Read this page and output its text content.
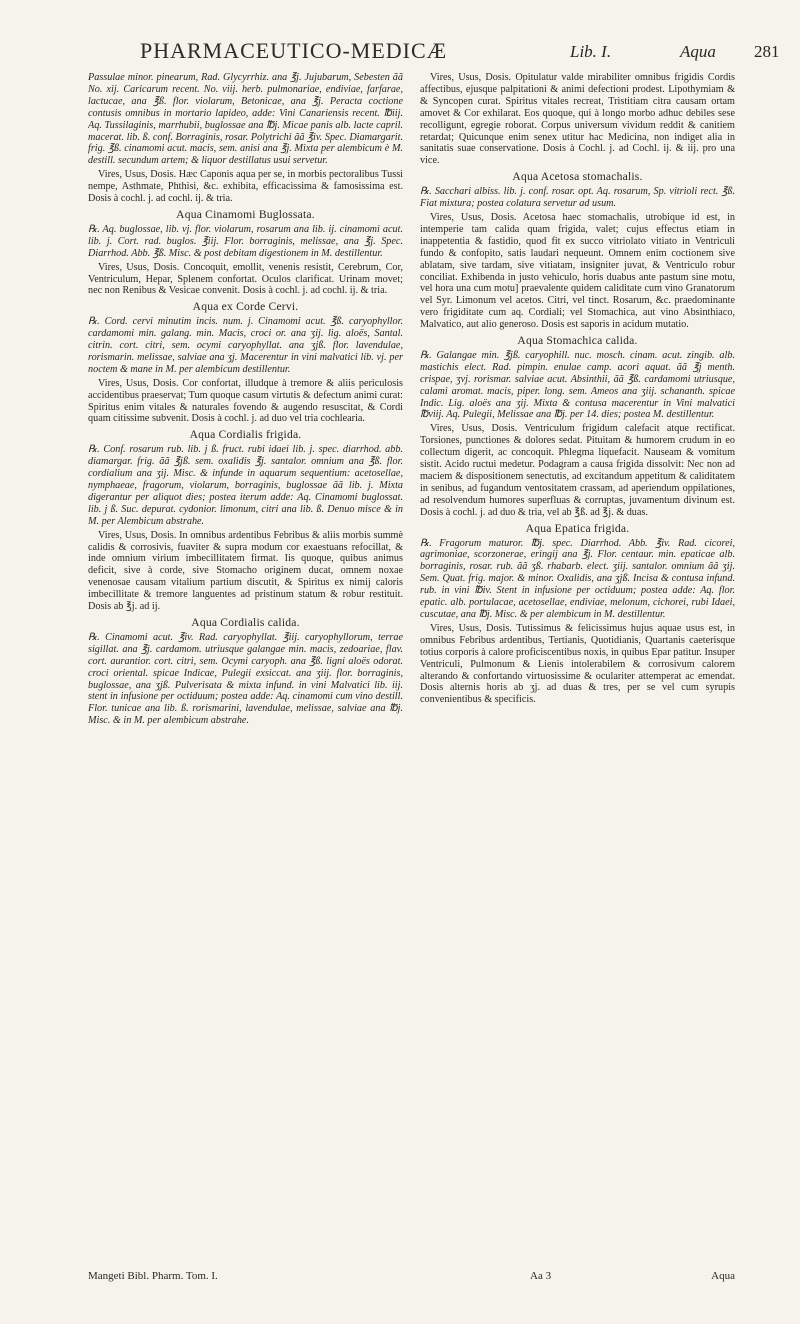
PHARMACEUTICO-MEDICÆ	Lib. I.	Aqua 281

Passulae minor. pinearum, Rad. Glycyrrhiz. ana ℥j. Jujubarum, Sebesten ãã No. xij. Caricarum recent. No. viij. herb. pulmonariae, endiviae, farfarae, lactucae, ana ℥ß. flor. violarum, Betonicae, ana ℥j. Peracta coctione contusis omnibus in mortario lapideo, adde: Vini Canariensis recent. ℔iij. Aq. Tussilaginis, marrhubii, buglossae ana ℔j. Micae panis alb. lacte capril. macerat. lib. ß. conf. Borraginis, rosar. Polytrichi ãã ℥iv. Spec. Diamargarit. frig. ℥ß. cinamomi acut. macis, sem. anisi ana ℥j. Mixta per alembicum è M. destill. secundum artem; & liquor destillatus usui servetur.

Vires, Usus, Dosis. Hæc Caponis aqua per se, in morbis pectoralibus Tussi nempe, Asthmate, Phthisi, &c. exhibita, efficacissima & famosissima est. Dosis à cochl. j. ad cochl. ij. & tria.

Aqua Cinamomi Buglossata.

℞. Aq. buglossae, lib. vj. flor. violarum, rosarum ana lib. ij. cinamomi acut. lib. j. Cort. rad. buglos. ℥iij. Flor. borraginis, melissae, ana ℥j. Spec. Diarrhod. Abb. ℥ß. Misc. & post debitam digestionem in M. destillentur.

Vires, Usus, Dosis. Concoquit, emollit, venenis resistit, Cerebrum, Cor, Ventriculum, Hepar, Splenem confortat. Oculos clarificat. Urinam movet; nec non Renibus & Vesicae convenit. Dosis à cochl. j. ad cochl. ij. & tria.

Aqua ex Corde Cervi.

℞. Cord. cervi minutim incis. num. j. Cinamomi acut. ℥ß. caryophyllor. cardamomi min. galang. min. Macis, croci or. ana ʒij. lig. aloës, Santal. citrin. cort. citri, sem. ocymi caryophyllat. ana ʒjß. flor. lavendulae, rorismarin. melissae, salviae ana ʒj. Macerentur in vini malvatici lib. vj. per noctem & mane in M. per alembicum destillentur.

Vires, Usus, Dosis. Cor confortat, illudque à tremore & aliis periculosis accidentibus praeservat; Tum quoque casum virtutis & defectum animi curat: Spiritus enim vitales & naturales fovendo & augendo resuscitat, & Cordi quam citissime subvenit. Dosis à cochl. j. ad duo vel tria cochlearia.

Aqua Cordialis frigida.

℞. Conf. rosarum rub. lib. j ß. fruct. rubi idaei lib. j. spec. diarrhod. abb. diamargar. frig. ãã ℥jß. sem. oxalidis ℥j. santalor. omnium ana ℥ß. flor. cordialium ana ʒij. Misc. & infunde in aquarum sequentium: acetosellae, nymphaeae, fragorum, violarum, borraginis, buglossae ãã lib. j. Mixta digerantur per aliquot dies; postea iterum adde: Aq. Cinamomi buglossat. lib. j ß. Suc. depurat. cydonior. limonum, citri ana lib. ß. Denuo misce & in M. per Alembicum abstrahe.

Vires, Usus, Dosis. In omnibus ardentibus Febribus & aliis morbis summè calidis & corrosivis, fuaviter & supra modum cor exaestuans refocillat, & inde omnium virium imbecillitatem firmat. Iis quoque, quibus animus deficit, sive à corde, sive Stomacho originem ducat, omnem noxae venenosae causam vitalium partium discutit, & Spiritus ex nimij caloris imbecillitate & tremore languentes ad pristinum statum & robur restituit. Dosis ab ℥j. ad ij.

Aqua Cordialis calida.

℞. Cinamomi acut. ℥iv. Rad. caryophyllat. ℥iij. caryophyllorum, terrae sigillat. ana ℥j. cardamom. utriusque galangae min. macis, zedoariae, flav. cort. aurantior. cort. citri, sem. Ocymi caryoph. ana ℥ß. ligni aloës odorat. croci oriental. spicae Indicae, Pulegii exsiccat. ana ʒiij. flor. borraginis, buglossae, ana ʒjß. Pulverisata & mixta infund. in vini Malvatici lib. iij. stent in infusione per octiduum; postea adde: Aq. cinamomi cum vino destill. Flor. tunicae ana lib. ß. rorismarini, lavendulae, melissae, salviae ana ℔j. Misc. & in M. per alembicum abstrahe.

Vires, Usus, Dosis. Opitulatur valde mirabiliter omnibus frigidis Cordis affectibus, ejusque palpitationi & animi defectioni prodest. Lipothymiam & & Syncopen curat. Spiritus vitales recreat, Tristitiam citra causam ortam amovet & Cor exhilarat. Eos quoque, qui à longo morbo adhuc debiles sese recolligunt, egregie roborat. Corpus universum vividum reddit & canitiem retardat; Quicunque enim senex utitur hac Medicina, non indiget alia in sanitatis suae conservatione. Dosis à Cochl. j. ad Cochl. ij. & iij. pro una vice.

Aqua Acetosa stomachalis.

℞. Sacchari albiss. lib. j. conf. rosar. opt. Aq. rosarum, Sp. vitrioli rect. ℥ß. Fiat mixtura; postea colatura servetur ad usum.

Vires, Usus, Dosis. Acetosa haec stomachalis, utrobique id est, in intemperie tam calida quam frigida, valet; cujus effectus etiam in inappetentia & fastidio, quod fit ex succo vitriolato vitiato in Ventriculi fundo & confopito, satis laudari nequeunt. Omnem enim coctionem sive ablatam, sive tardam, sive vitiatam, insigniter juvat, & Ventriculo robur conciliat. Exhibenda in justo vehiculo, horis duabus ante pastum sine motu, vel hora una cum motu] praevalente quidem caliditate cum vino Granatorum vel Syr. Limonum vel acetos. Citri, vel tinct. Rosarum, &c. praedominante vero frigiditate cum aq. Cordiali; vel Stomachica, aut vino Absinthiaco, Malvatico, aut alio generoso. Dosis est saporis in acidum mutatio.

Aqua Stomachica calida.

℞. Galangae min. ℥jß. caryophill. nuc. mosch. cinam. acut. zingib. alb. mastichis elect. Rad. pimpin. enulae camp. acori aquat. ãã ℥j menth. crispae, ʒvj. rorismar. salviae acut. Absinthii, ãã ℥ß. cardamomi utriusque, calami aromat. macis, piper. long. sem. Ameos ana ʒiij. schananth. spicae Indic. Lig. aloës ana ʒij. Mixta & contusa macerentur in Vini malvatici ℔viij. Aq. Pulegii, Melissae ana ℔j. per 14. dies; postea M. destillentur.

Vires, Usus, Dosis. Ventriculum frigidum calefacit atque rectificat. Torsiones, punctiones & dolores sedat. Pituitam & humorem crudum in eo collectum digerit, ac concoquit. Phlegma liquefacit. Nauseam & vomitum sistit. Acido ructui medetur. Podagram a causa frigida dissolvit: Nec non ad maciem & dispositionem senectutis, ad excitandum appetitum & caliditatem in senibus, ad fugandum ventositatem crassam, ad aperiendum oppilationes, ad resolvendum humores superfluas & corruptas, juvamentum divinum est. Dosis à cochl. j. ad duo & tria, vel ab ℥ß. ad ℥j. & duas.

Aqua Epatica frigida.

℞. Fragorum maturor. ℔j. spec. Diarrhod. Abb. ℥iv. Rad. cicorei, agrimoniae, scorzonerae, eringij ana ℥j. Flor. centaur. min. epaticae alb. borraginis, rosar. rub. ãã ʒß. rhabarb. elect. ʒiij. santalor. omnium ãã ʒij. Sem. Quat. frig. major. & minor. Oxalidis, ana ʒjß. Incisa & contusa infund. rub. in vini ℔iv. Stent in infusione per octiduum; postea adde: Aq. flor. epatic. alb. portulacae, acetosellae, endiviae, melonum, cichorei, rubi Idaei, cuscutae, ana ℔j. Misc. & per alembicum in M. destillentur.

Vires, Usus, Dosis. Tutissimus & felicissimus hujus aquae usus est, in omnibus Febribus ardentibus, Tertianis, Quotidianis, Quartanis caeterisque totius corporis à calore proficiscentibus noxis, in quibus Epar patitur. Insuper Ventriculi, Pulmonum & Lienis intolerabilem & corrosivum calorem alterando & confortando virtuosissime & oculariter attemperat ac emendat. Dosis alternis horis ab ʒj. ad duas & tres, per se vel cum syrupis convenientibus & specificis.

Mangeti Bibl. Pharm. Tom. I.	Aa 3	Aqua
